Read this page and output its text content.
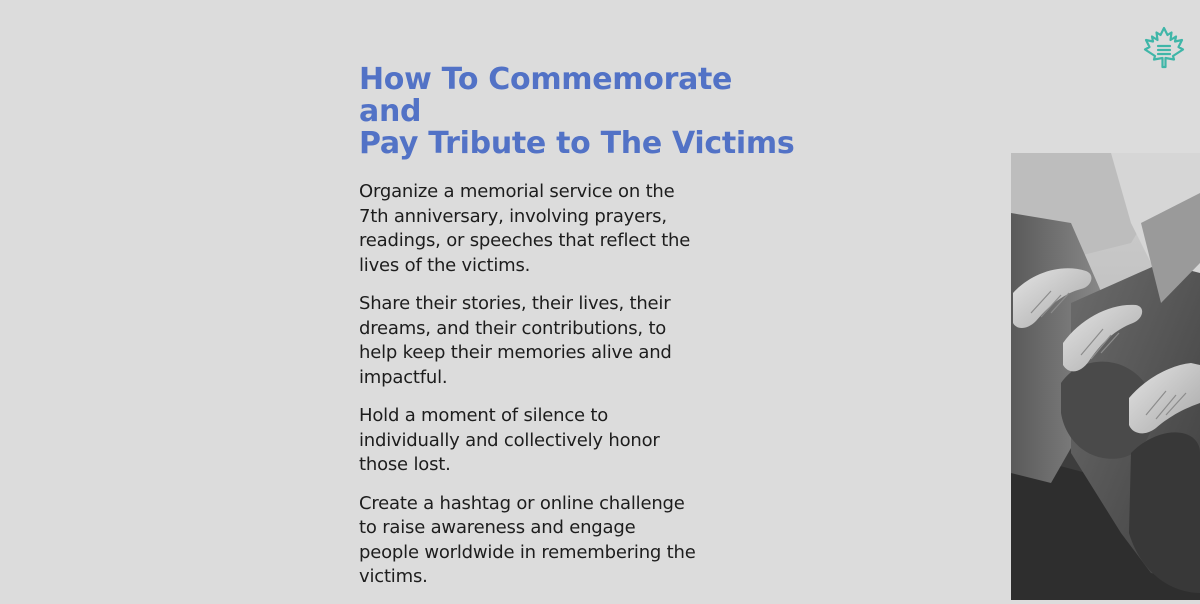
How To Commemorate and
Pay Tribute to The Victims

Organize a memorial service on the 7th anniversary, involving prayers, readings, or speeches that reflect the lives of the victims.

Share their stories, their lives, their dreams, and their contributions, to help keep their memories alive and impactful.

Hold a moment of silence to individually and collectively honor those lost.

Create a hashtag or online challenge to raise awareness and engage people worldwide in remembering the victims.
